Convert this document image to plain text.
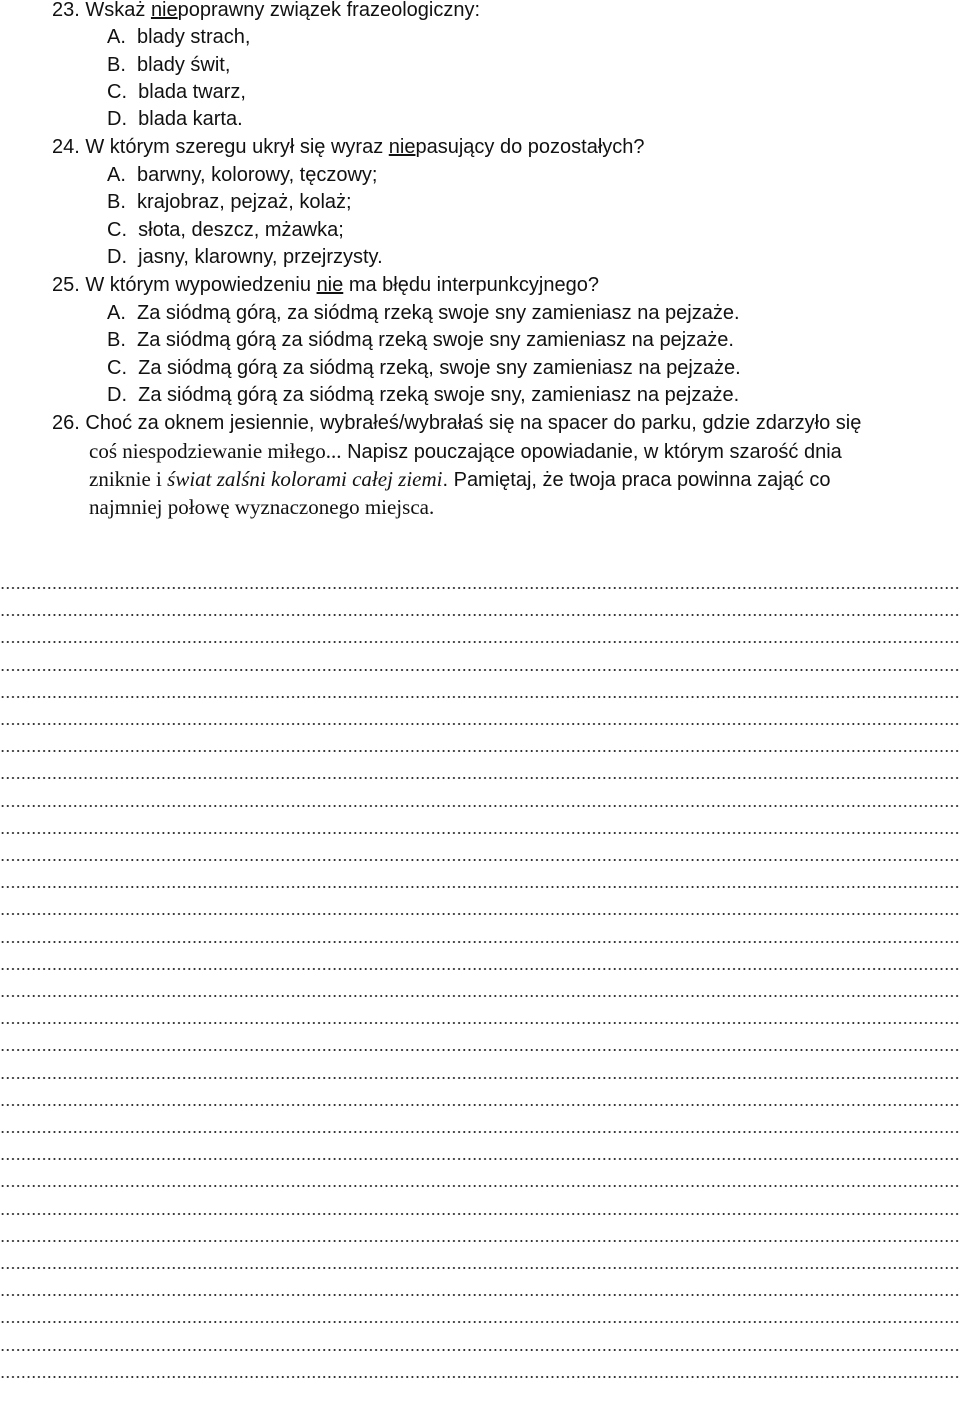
23. Wskaż niepoprawny związek frazeologiczny:
A. blady strach,
B. blady świt,
C. blada twarz,
D. blada karta.
24. W którym szeregu ukrył się wyraz niepasujący do pozostałych?
A. barwny, kolorowy, tęczowy;
B. krajobraz, pejzaż, kolaż;
C. słota, deszcz, mżawka;
D. jasny, klarowny, przejrzysty.
25. W którym wypowiedzeniu nie ma błędu interpunkcyjnego?
A. Za siódmą górą, za siódmą rzeką swoje sny zamieniasz na pejzaże.
B. Za siódmą górą za siódmą rzeką swoje sny zamieniasz na pejzaże.
C. Za siódmą górą za siódmą rzeką, swoje sny zamieniasz na pejzaże.
D. Za siódmą górą za siódmą rzeką swoje sny, zamieniasz na pejzaże.
26. Choć za oknem jesiennie, wybrałeś/wybrałaś się na spacer do parku, gdzie zdarzyło się
coś niespodziewanie miłego... Napisz pouczające opowiadanie, w którym szarość dnia
zniknie i świat zalśni kolorami całej ziemi. Pamiętaj, że twoja praca powinna zająć co
najmniej połowę wyznaczonego miejsca.
